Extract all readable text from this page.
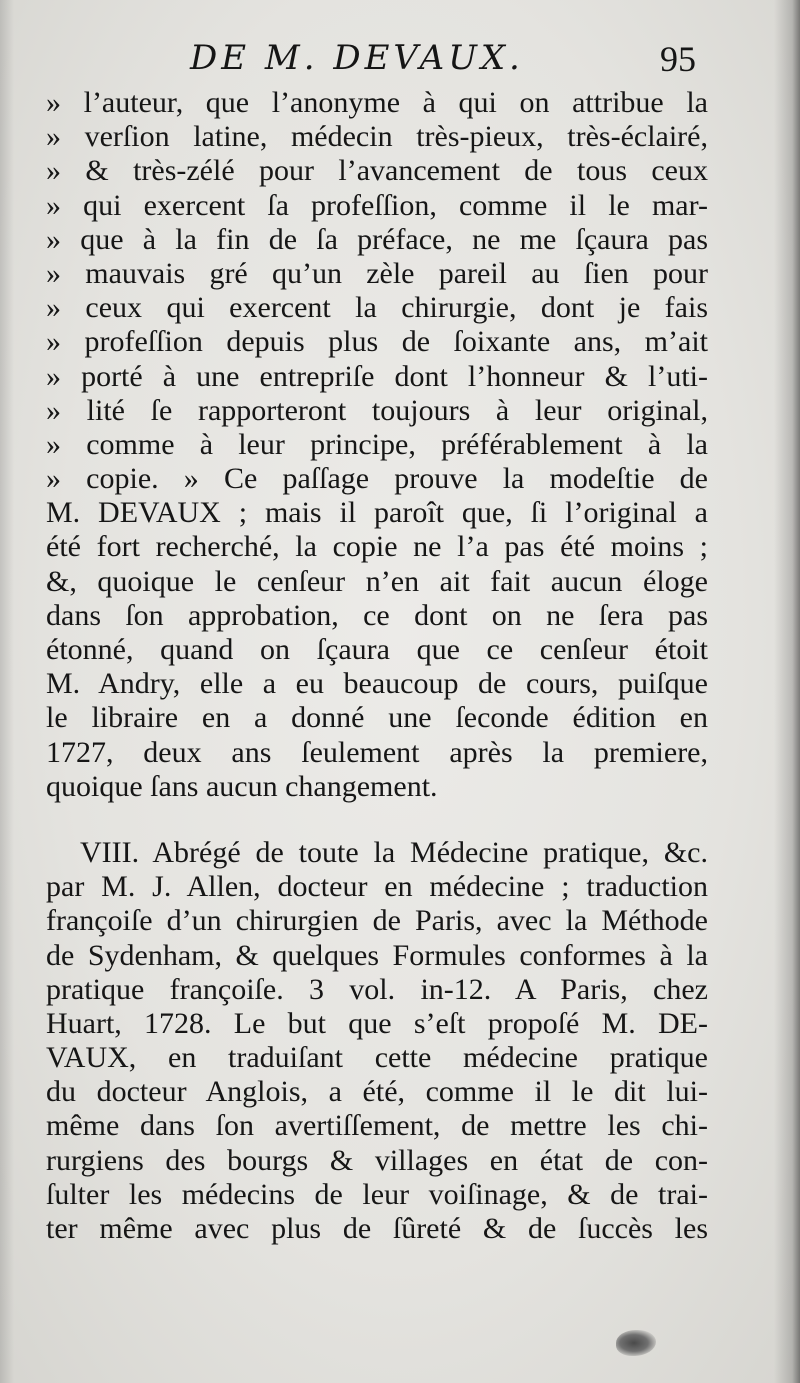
DE M. DEVAUX.	95
» l’auteur, que l’anonyme à qui on attribue la
» verſion latine, médecin très-pieux, très-éclairé,
» & très-zélé pour l’avancement de tous ceux
» qui exercent ſa profeſſion, comme il le mar-
» que à la fin de ſa préface, ne me ſçaura pas
» mauvais gré qu’un zèle pareil au ſien pour
» ceux qui exercent la chirurgie, dont je fais
» profeſſion depuis plus de ſoixante ans, m’ait
» porté à une entrepriſe dont l’honneur & l’uti-
» lité ſe rapporteront toujours à leur original,
» comme à leur principe, préférablement à la
» copie. » Ce paſſage prouve la modeſtie de
M. DEVAUX ; mais il paroît que, ſi l’original a
été fort recherché, la copie ne l’a pas été moins ;
&, quoique le cenſeur n’en ait fait aucun éloge
dans ſon approbation, ce dont on ne ſera pas
étonné, quand on ſçaura que ce cenſeur étoit
M. Andry, elle a eu beaucoup de cours, puiſque
le libraire en a donné une ſeconde édition en
1727, deux ans ſeulement après la premiere,
quoique ſans aucun changement.
VIII. Abrégé de toute la Médecine pratique, &c.
par M. J. Allen, docteur en médecine ; traduction
françoiſe d’un chirurgien de Paris, avec la Méthode
de Sydenham, & quelques Formules conformes à la
pratique françoiſe. 3 vol. in-12. A Paris, chez
Huart, 1728. Le but que s’eſt propoſé M. DE-
VAUX, en traduiſant cette médecine pratique
du docteur Anglois, a été, comme il le dit lui-
même dans ſon avertiſſement, de mettre les chi-
rurgiens des bourgs & villages en état de con-
ſulter les médecins de leur voiſinage, & de trai-
ter même avec plus de ſûreté & de ſuccès les
